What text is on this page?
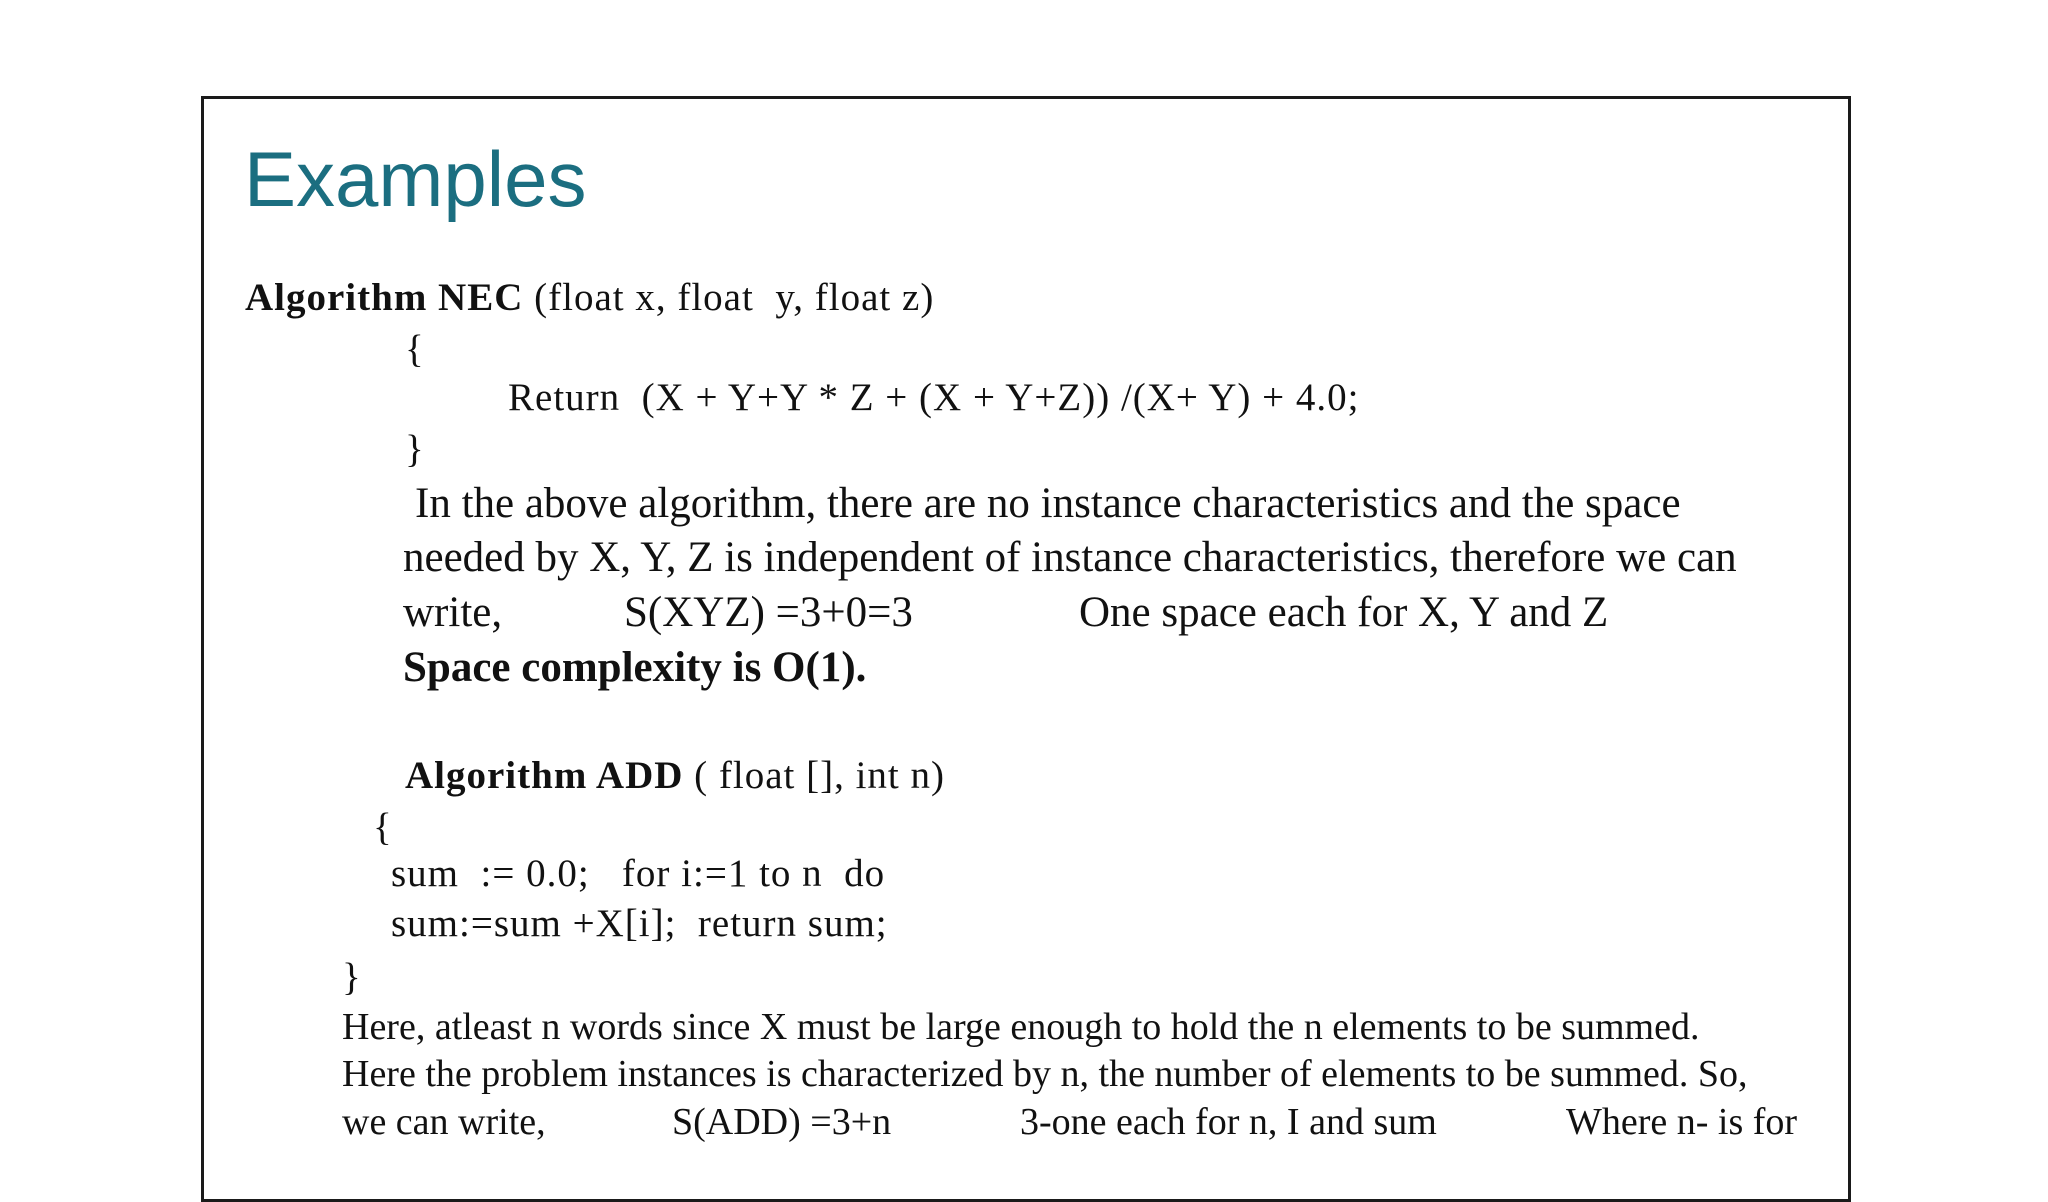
Examples
Algorithm NEC (float x, float  y, float z)
{
Return  (X + Y+Y * Z + (X + Y+Z)) /(X+ Y) + 4.0;
}
In the above algorithm, there are no instance characteristics and the space
needed by X, Y, Z is independent of instance characteristics, therefore we can
write,	S(XYZ) =3+0=3	One space each for X, Y and Z
Space complexity is O(1).
Algorithm ADD ( float [], int n)
{
sum  := 0.0;   for i:=1 to n  do
sum:=sum +X[i];  return sum;
}
Here, atleast n words since X must be large enough to hold the n elements to be summed.
Here the problem instances is characterized by n, the number of elements to be summed. So,
we can write,	S(ADD) =3+n	3-one each for n, I and sum	Where n- is for
